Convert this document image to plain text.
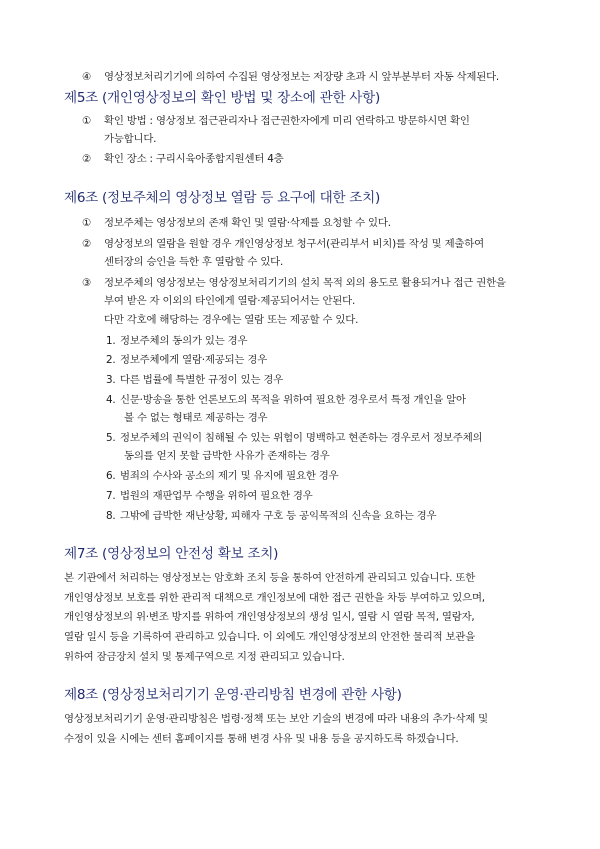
④ 영상정보처리기기에 의하여 수집된 영상정보는 저장량 초과 시 앞부분부터 자동 삭제된다.
제5조 (개인영상정보의 확인 방법 및 장소에 관한 사항)
① 확인 방법 : 영상정보 접근관리자나 접근권한자에게 미리 연락하고 방문하시면 확인
가능합니다.
② 확인 장소 : 구리시육아종합지원센터 4층
제6조 (정보주체의 영상정보 열람 등 요구에 대한 조치)
① 정보주체는 영상정보의 존재 확인 및 열람·삭제를 요청할 수 있다.
② 영상정보의 열람을 원할 경우 개인영상정보 청구서(관리부서 비치)를 작성 및 제출하여
센터장의 승인을 득한 후 열람할 수 있다.
③ 정보주체의 영상정보는 영상정보처리기기의 설치 목적 외의 용도로 활용되거나 접근 권한을
부여 받은 자 이외의 타인에게 열람·제공되어서는 안된다.
다만 각호에 해당하는 경우에는 열람 또는 제공할 수 있다.
1. 정보주체의 동의가 있는 경우
2. 정보주체에게 열람·제공되는 경우
3. 다른 법률에 특별한 규정이 있는 경우
4. 신문·방송을 통한 언론보도의 목적을 위하여 필요한 경우로서 특정 개인을 알아
볼 수 없는 형태로 제공하는 경우
5. 정보주체의 권익이 침해될 수 있는 위험이 명백하고 현존하는 경우로서 정보주체의
동의를 얻지 못할 급박한 사유가 존재하는 경우
6. 범죄의 수사와 공소의 제기 및 유지에 필요한 경우
7. 법원의 재판업무 수행을 위하여 필요한 경우
8. 그밖에 급박한 재난상황, 피해자 구호 등 공익목적의 신속을 요하는 경우
제7조 (영상정보의 안전성 확보 조치)
본 기관에서 처리하는 영상정보는 암호화 조치 등을 통하여 안전하게 관리되고 있습니다. 또한
개인영상정보 보호를 위한 관리적 대책으로 개인정보에 대한 접근 권한을 차등 부여하고 있으며,
개인영상정보의 위·변조 방지를 위하여 개인영상정보의 생성 일시, 열람 시 열람 목적, 열람자,
열람 일시 등을 기록하여 관리하고 있습니다. 이 외에도 개인영상정보의 안전한 물리적 보관을
위하여 잠금장치 설치 및 통제구역으로 지정 관리되고 있습니다.
제8조 (영상정보처리기기 운영·관리방침 변경에 관한 사항)
영상정보처리기기 운영·관리방침은 법령·정책 또는 보안 기술의 변경에 따라 내용의 추가·삭제 및
수정이 있을 시에는 센터 홈페이지를 통해 변경 사유 및 내용 등을 공지하도록 하겠습니다.
